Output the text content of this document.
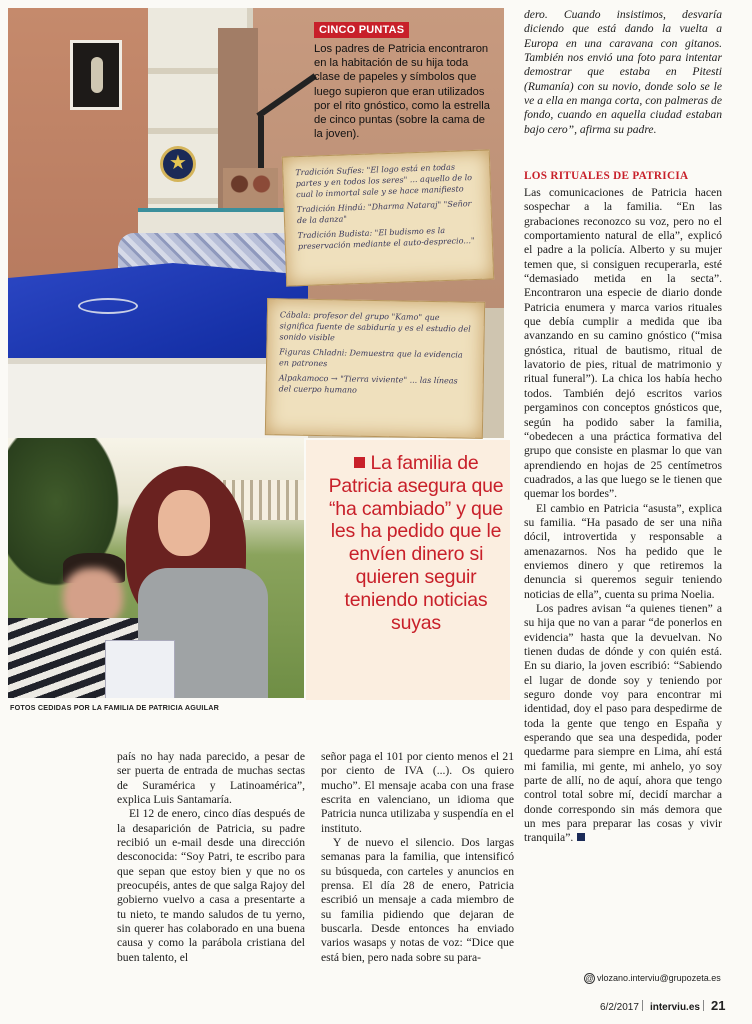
★	Tradición Sufíes: "El logo está en todas partes y en todos los seres" ... aquello de lo cual lo inmortal sale y se hace manifiesto

Tradición Hindú: "Dharma Nataraj" "Señor de la danza"

Tradición Budista: "El budismo es la preservación mediante el auto-desprecio..."

Cábala: profesor del grupo "Kamo" que significa fuente de sabiduría y es el estudio del sonido visible

Figuras Chladni: Demuestra que la evidencia en patrones

Alpakamoco → "Tierra viviente" ... las líneas del cuerpo humano

CINCO PUNTAS
Los padres de Patricia encontraron en la habitación de su hija toda clase de papeles y símbolos que luego supieron que eran utilizados por el rito gnóstico, como la estrella de cinco puntas (sobre la cama de la joven).
FOTOS CEDIDAS POR LA FAMILIA DE PATRICIA AGUILAR
La familia de Patricia asegura que “ha cambiado” y que les ha pedido que le envíen dinero si quieren seguir teniendo noticias suyas

dero. Cuando insistimos, desvaría diciendo que está dando la vuelta a Europa en una caravana con gitanos. También nos envió una foto para intentar demostrar que estaba en Pitesti (Rumanía) con su novio, donde solo se le ve a ella en manga corta, con palmeras de fondo, cuando en aquella ciudad estaban bajo cero”, afirma su padre.

LOS RITUALES DE PATRICIA

Las comunicaciones de Patricia hacen sospechar a la familia. “En las grabaciones reconozco su voz, pero no el comportamiento natural de ella”, explicó el padre a la policía. Alberto y su mujer temen que, si consiguen recuperarla, esté “demasiado metida en la secta”. Encontraron una especie de diario donde Patricia enumera y marca varios rituales que debía cumplir a medida que iba avanzando en su camino gnóstico (“misa gnóstica, ritual de bautismo, ritual de lavatorio de pies, ritual de matrimonio y ritual funeral”). La chica los había hecho todos. También dejó escritos varios pergaminos con conceptos gnósticos que, según ha podido saber la familia, “obedecen a una práctica formativa del grupo que consiste en plasmar lo que van aprendiendo en hojas de 25 centímetros cuadrados, a las que luego se le tienen que quemar los bordes”.

El cambio en Patricia “asusta”, explica su familia. “Ha pasado de ser una niña dócil, introvertida y responsable a amenazarnos. Nos ha pedido que le enviemos dinero y que retiremos la denuncia si queremos seguir teniendo noticias de ella”, cuenta su prima Noelia.

Los padres avisan “a quienes tienen” a su hija que no van a parar “de ponerlos en evidencia” hasta que la devuelvan. No tienen dudas de dónde y con quién está. En su diario, la joven escribió: “Sabiendo el lugar de donde soy y teniendo por seguro donde voy para encontrar mi identidad, doy el paso para despedirme de toda la gente que tengo en España y esperando que sea una despedida, poder quedarme para siempre en Lima, ahí está mi familia, mi gente, mi anhelo, yo soy parte de allí, no de aquí, ahora que tengo control total sobre mí, decidí marchar a donde correspondo sin más demora que un mes para preparar las cosas y vivir tranquila”.

país no hay nada parecido, a pesar de ser puerta de entrada de muchas sectas de Suramérica y Latinoamérica”, explica Luis Santamaría.

El 12 de enero, cinco días después de la desaparición de Patricia, su padre recibió un e-mail desde una dirección desconocida: “Soy Patri, te escribo para que sepan que estoy bien y que no os preocupéis, antes de que salga Rajoy del gobierno vuelvo a casa a presentarte a tu nieto, te mando saludos de tu yerno, sin querer has colaborado en una buena causa y como la parábola cristiana del buen talento, el

señor paga el 101 por ciento menos el 21 por ciento de IVA (...). Os quiero mucho”. El mensaje acaba con una frase escrita en valenciano, un idioma que Patricia nunca utilizaba y suspendía en el instituto.

Y de nuevo el silencio. Dos largas semanas para la familia, que intensificó su búsqueda, con carteles y anuncios en prensa. El día 28 de enero, Patricia escribió un mensaje a cada miembro de su familia pidiendo que dejaran de buscarla. Desde entonces ha enviado varios wasaps y notas de voz: “Dice que está bien, pero nada sobre su para-

@ vlozano.interviu@grupozeta.es
6/2/2017 interviu.es 21
